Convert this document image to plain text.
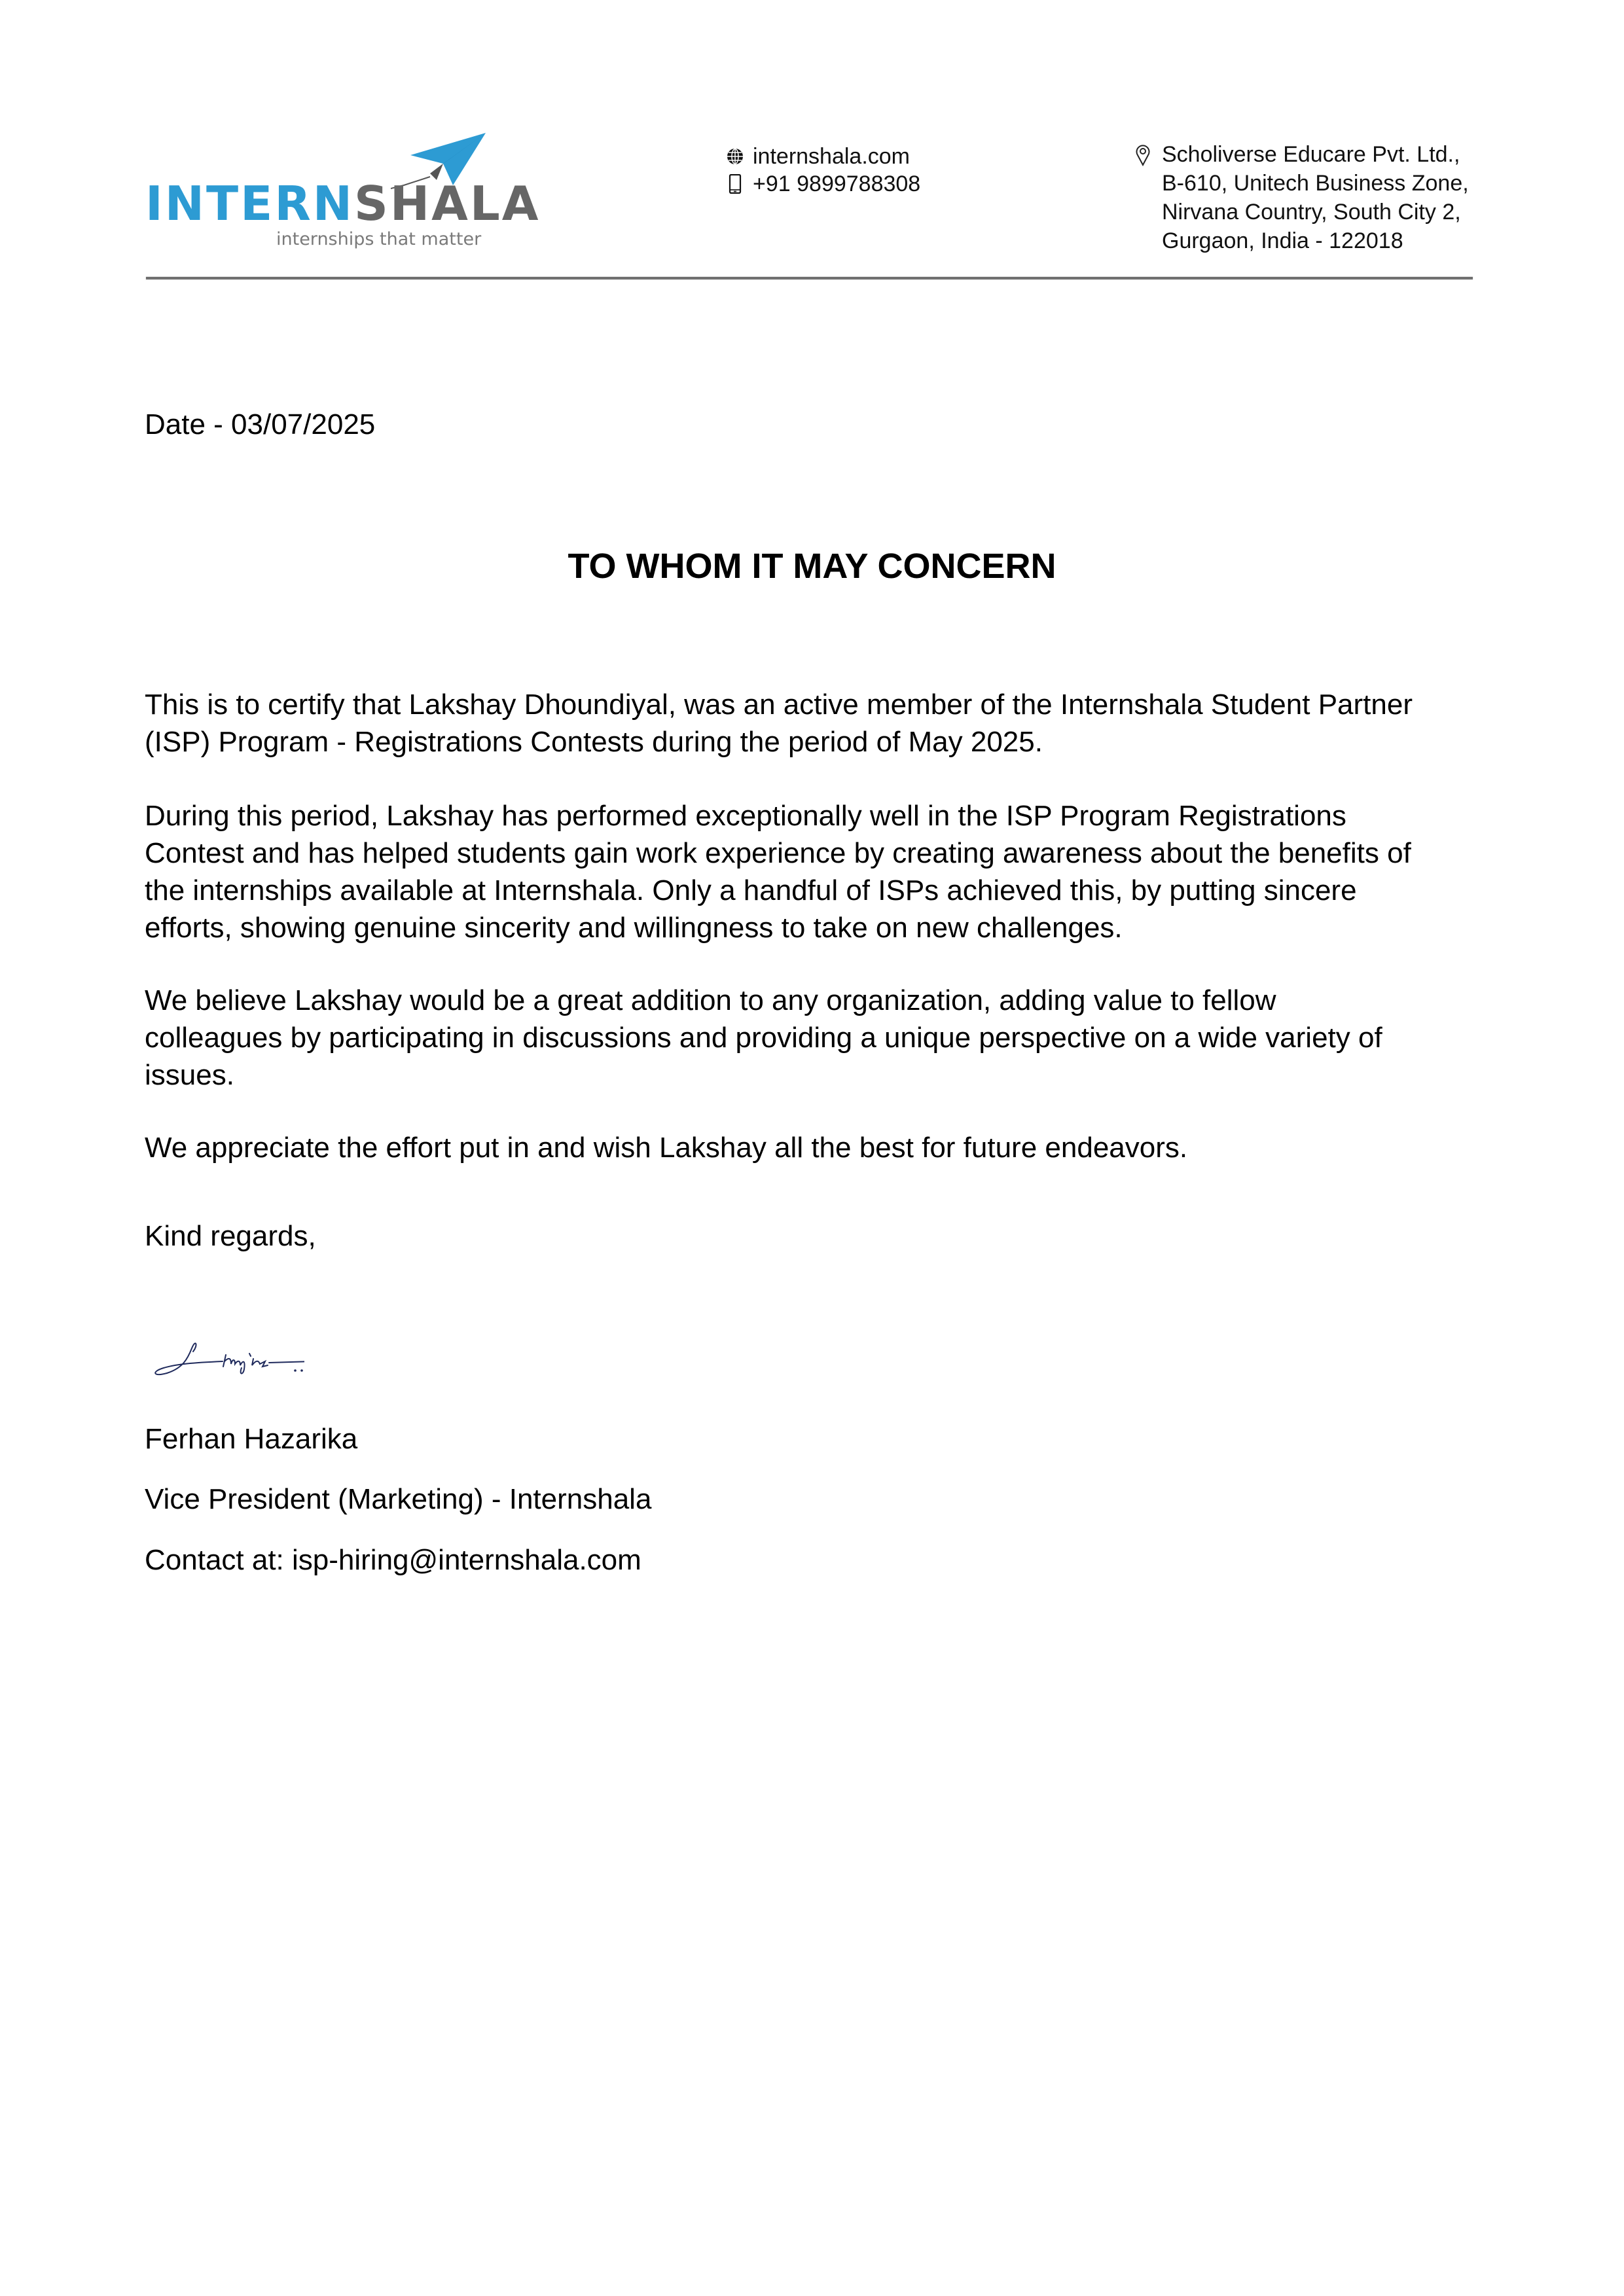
INTERNSHALA
internships that matter
internshala.com
+91 9899788308
Scholiverse Educare Pvt. Ltd.,
B-610, Unitech Business Zone,
Nirvana Country, South City 2,
Gurgaon, India - 122018
Date - 03/07/2025
TO WHOM IT MAY CONCERN
This is to certify that Lakshay Dhoundiyal, was an active member of the Internshala Student Partner
(ISP) Program - Registrations Contests during the period of May 2025.
During this period, Lakshay has performed exceptionally well in the ISP Program Registrations
Contest and has helped students gain work experience by creating awareness about the benefits of
the internships available at Internshala. Only a handful of ISPs achieved this, by putting sincere
efforts, showing genuine sincerity and willingness to take on new challenges.
We believe Lakshay would be a great addition to any organization, adding value to fellow
colleagues by participating in discussions and providing a unique perspective on a wide variety of
issues.
We appreciate the effort put in and wish Lakshay all the best for future endeavors.
Kind regards,
Ferhan Hazarika
Vice President (Marketing) - Internshala
Contact at: isp-hiring@internshala.com
